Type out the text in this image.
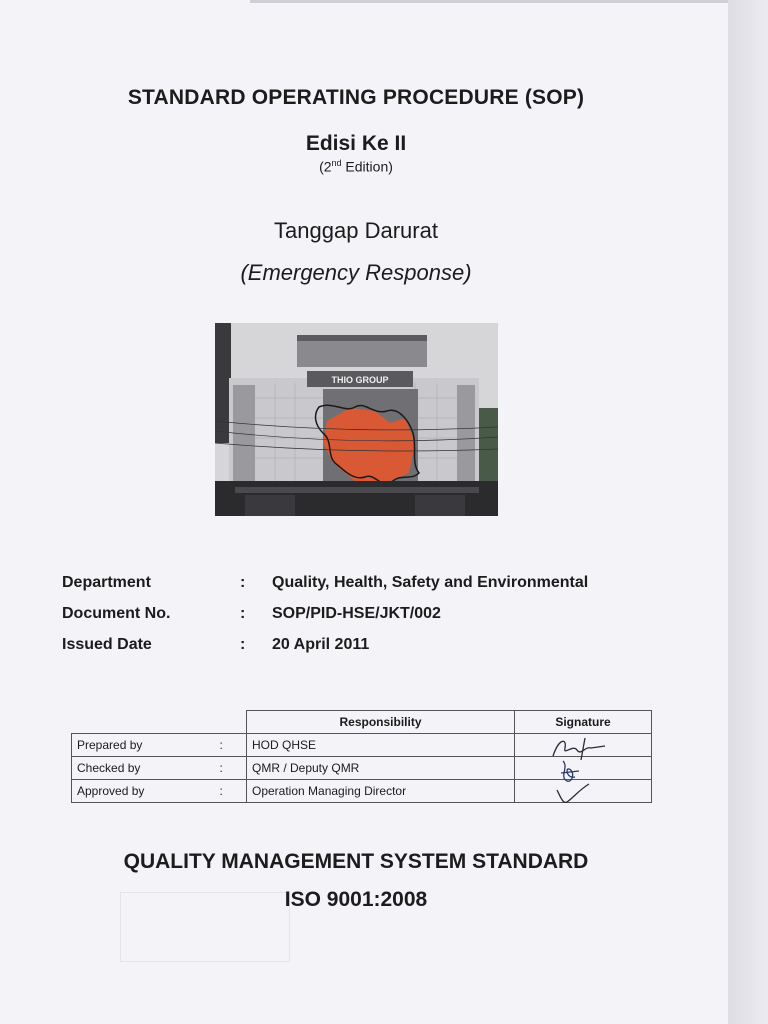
STANDARD OPERATING PROCEDURE (SOP)
Edisi Ke II
(2nd Edition)
Tanggap Darurat
(Emergency Response)
THIO GROUP
Department	: Quality, Health, Safety and Environmental
Document No.	: SOP/PID-HSE/JKT/002
Issued Date	: 20 April 2011
		Responsibility	Signature
Prepared by	:	HOD QHSE	

Checked by	:	QMR / Deputy QMR	

Approved by	:	Operation Managing Director	
QUALITY MANAGEMENT SYSTEM STANDARD
ISO 9001:2008
